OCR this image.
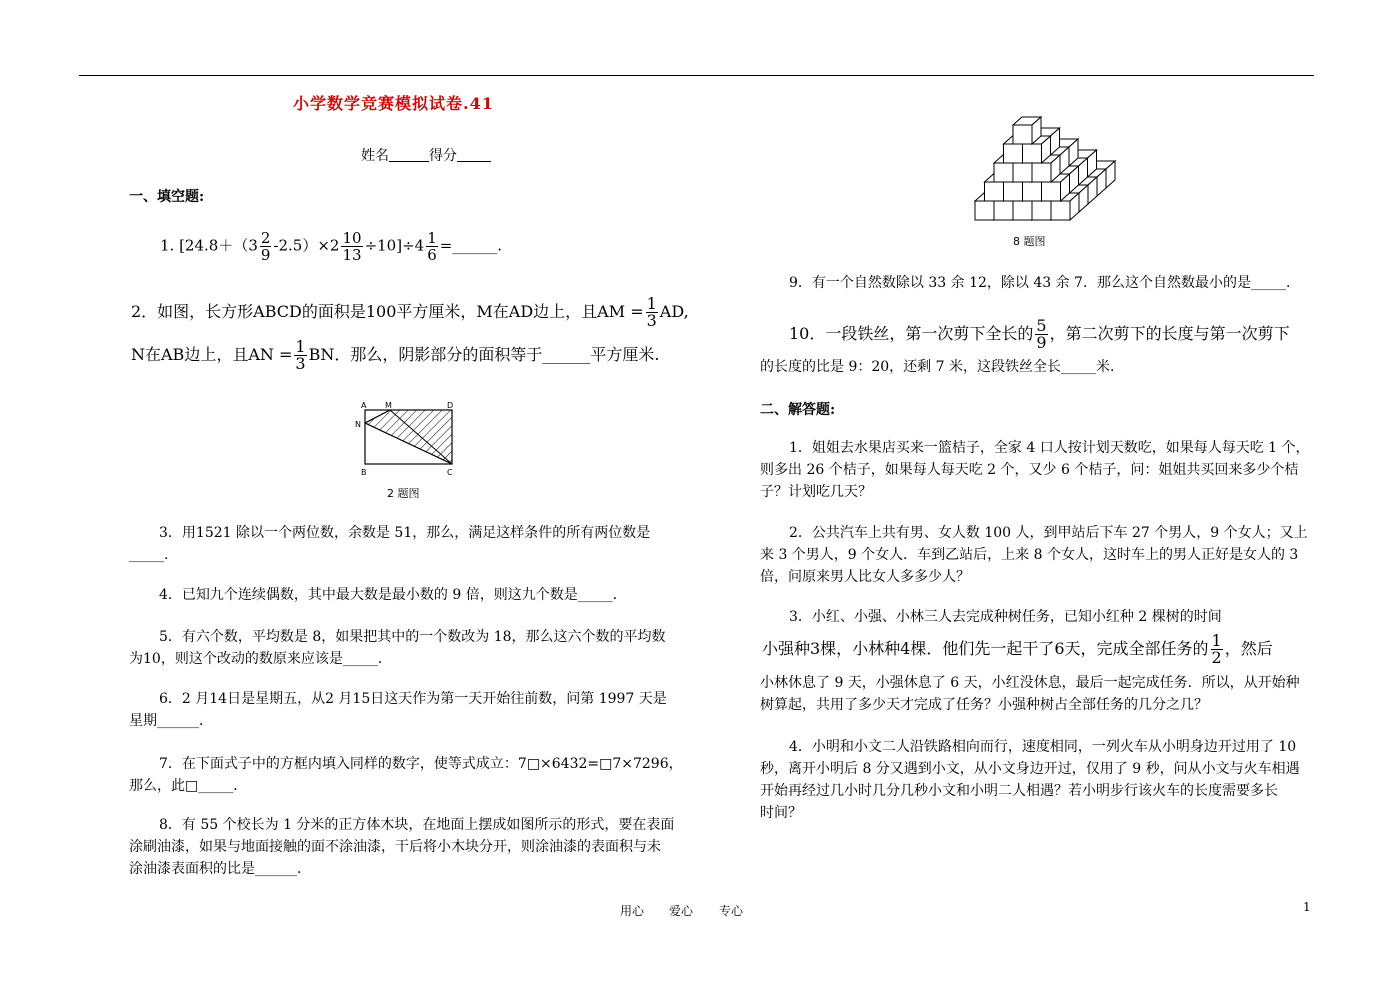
小学数学竞赛模拟试卷.41
姓名	得分
一、填空题:
1. $[24.8+(3 \frac{2}{9} -2.5)\times 2 \frac{10}{13} \div 10]\div 4 \frac{1}{6}$ =______.
2．如图，长方形ABCD的面积是100平方厘米，M在AD边上，且AM = $\frac{1}{3}$ AD,
N在AB边上，且AN = $\frac{1}{3}$ BN．那么，阴影部分的面积等于______平方厘米.
A M	D
N
B	C
2 题图
3．用1521 除以一个两位数，余数是 51，那么，满足这样条件的所有两位数是
_____.
4．已知九个连续偶数，其中最大数是最小数的 9 倍，则这九个数是_____．
5．有六个数，平均数是 8，如果把其中的一个数改为 18，那么这六个数的平均数
为10，则这个改动的数原来应该是_____．
6．2 月14日是星期五，从2 月15日这天作为第一天开始往前数，问第 1997 天是
星期______．
7．在下面式子中的方框内填入同样的数字，使等式成立：7□×6432=□7×7296，
那么，此□_____．
8．有 55 个校长为 1 分米的正方体木块，在地面上摆成如图所示的形式，要在表面
涂刷油漆，如果与地面接触的面不涂油漆，干后将小木块分开，则涂油漆的表面积与未
涂油漆表面积的比是______．
8 题图
9．有一个自然数除以 33 余 12，除以 43 余 7．那么这个自然数最小的是_____．
10．一段铁丝，第一次剪下全长的 $\frac{5}{9}$ ，第二次剪下的长度与第一次剪下
的长度的比是 9：20，还剩 7 米，这段铁丝全长_____米．
二、解答题:
1．姐姐去水果店买来一篮桔子，全家 4 口人按计划天数吃，如果每人每天吃 1 个，
则多出 26 个桔子，如果每人每天吃 2 个，又少 6 个桔子，问：姐姐共买回来多少个桔
子？计划吃几天？
2．公共汽车上共有男、女人数 100 人，到甲站后下车 27 个男人，9 个女人；又上
来 3 个男人，9 个女人．车到乙站后，上来 8 个女人，这时车上的男人正好是女人的 3
倍，问原来男人比女人多多少人？
3．小红、小强、小林三人去完成种树任务，已知小红种 2 棵树的时间
小强种3棵，小林种4棵．他们先一起干了6天，完成全部任务的 $\frac{1}{2}$ ，然后
小林休息了 9 天，小强休息了 6 天，小红没休息，最后一起完成任务．所以，从开始种
树算起，共用了多少天才完成了任务？小强种树占全部任务的几分之几？
4．小明和小文二人沿铁路相向而行，速度相同，一列火车从小明身边开过用了 10
秒，离开小明后 8 分又遇到小文，从小文身边开过，仅用了 9 秒，问从小文与火车相遇
开始再经过几小时几分几秒小文和小明二人相遇？若小明步行该火车的长度需要多长
时间？
用心 爱心 专心	1
